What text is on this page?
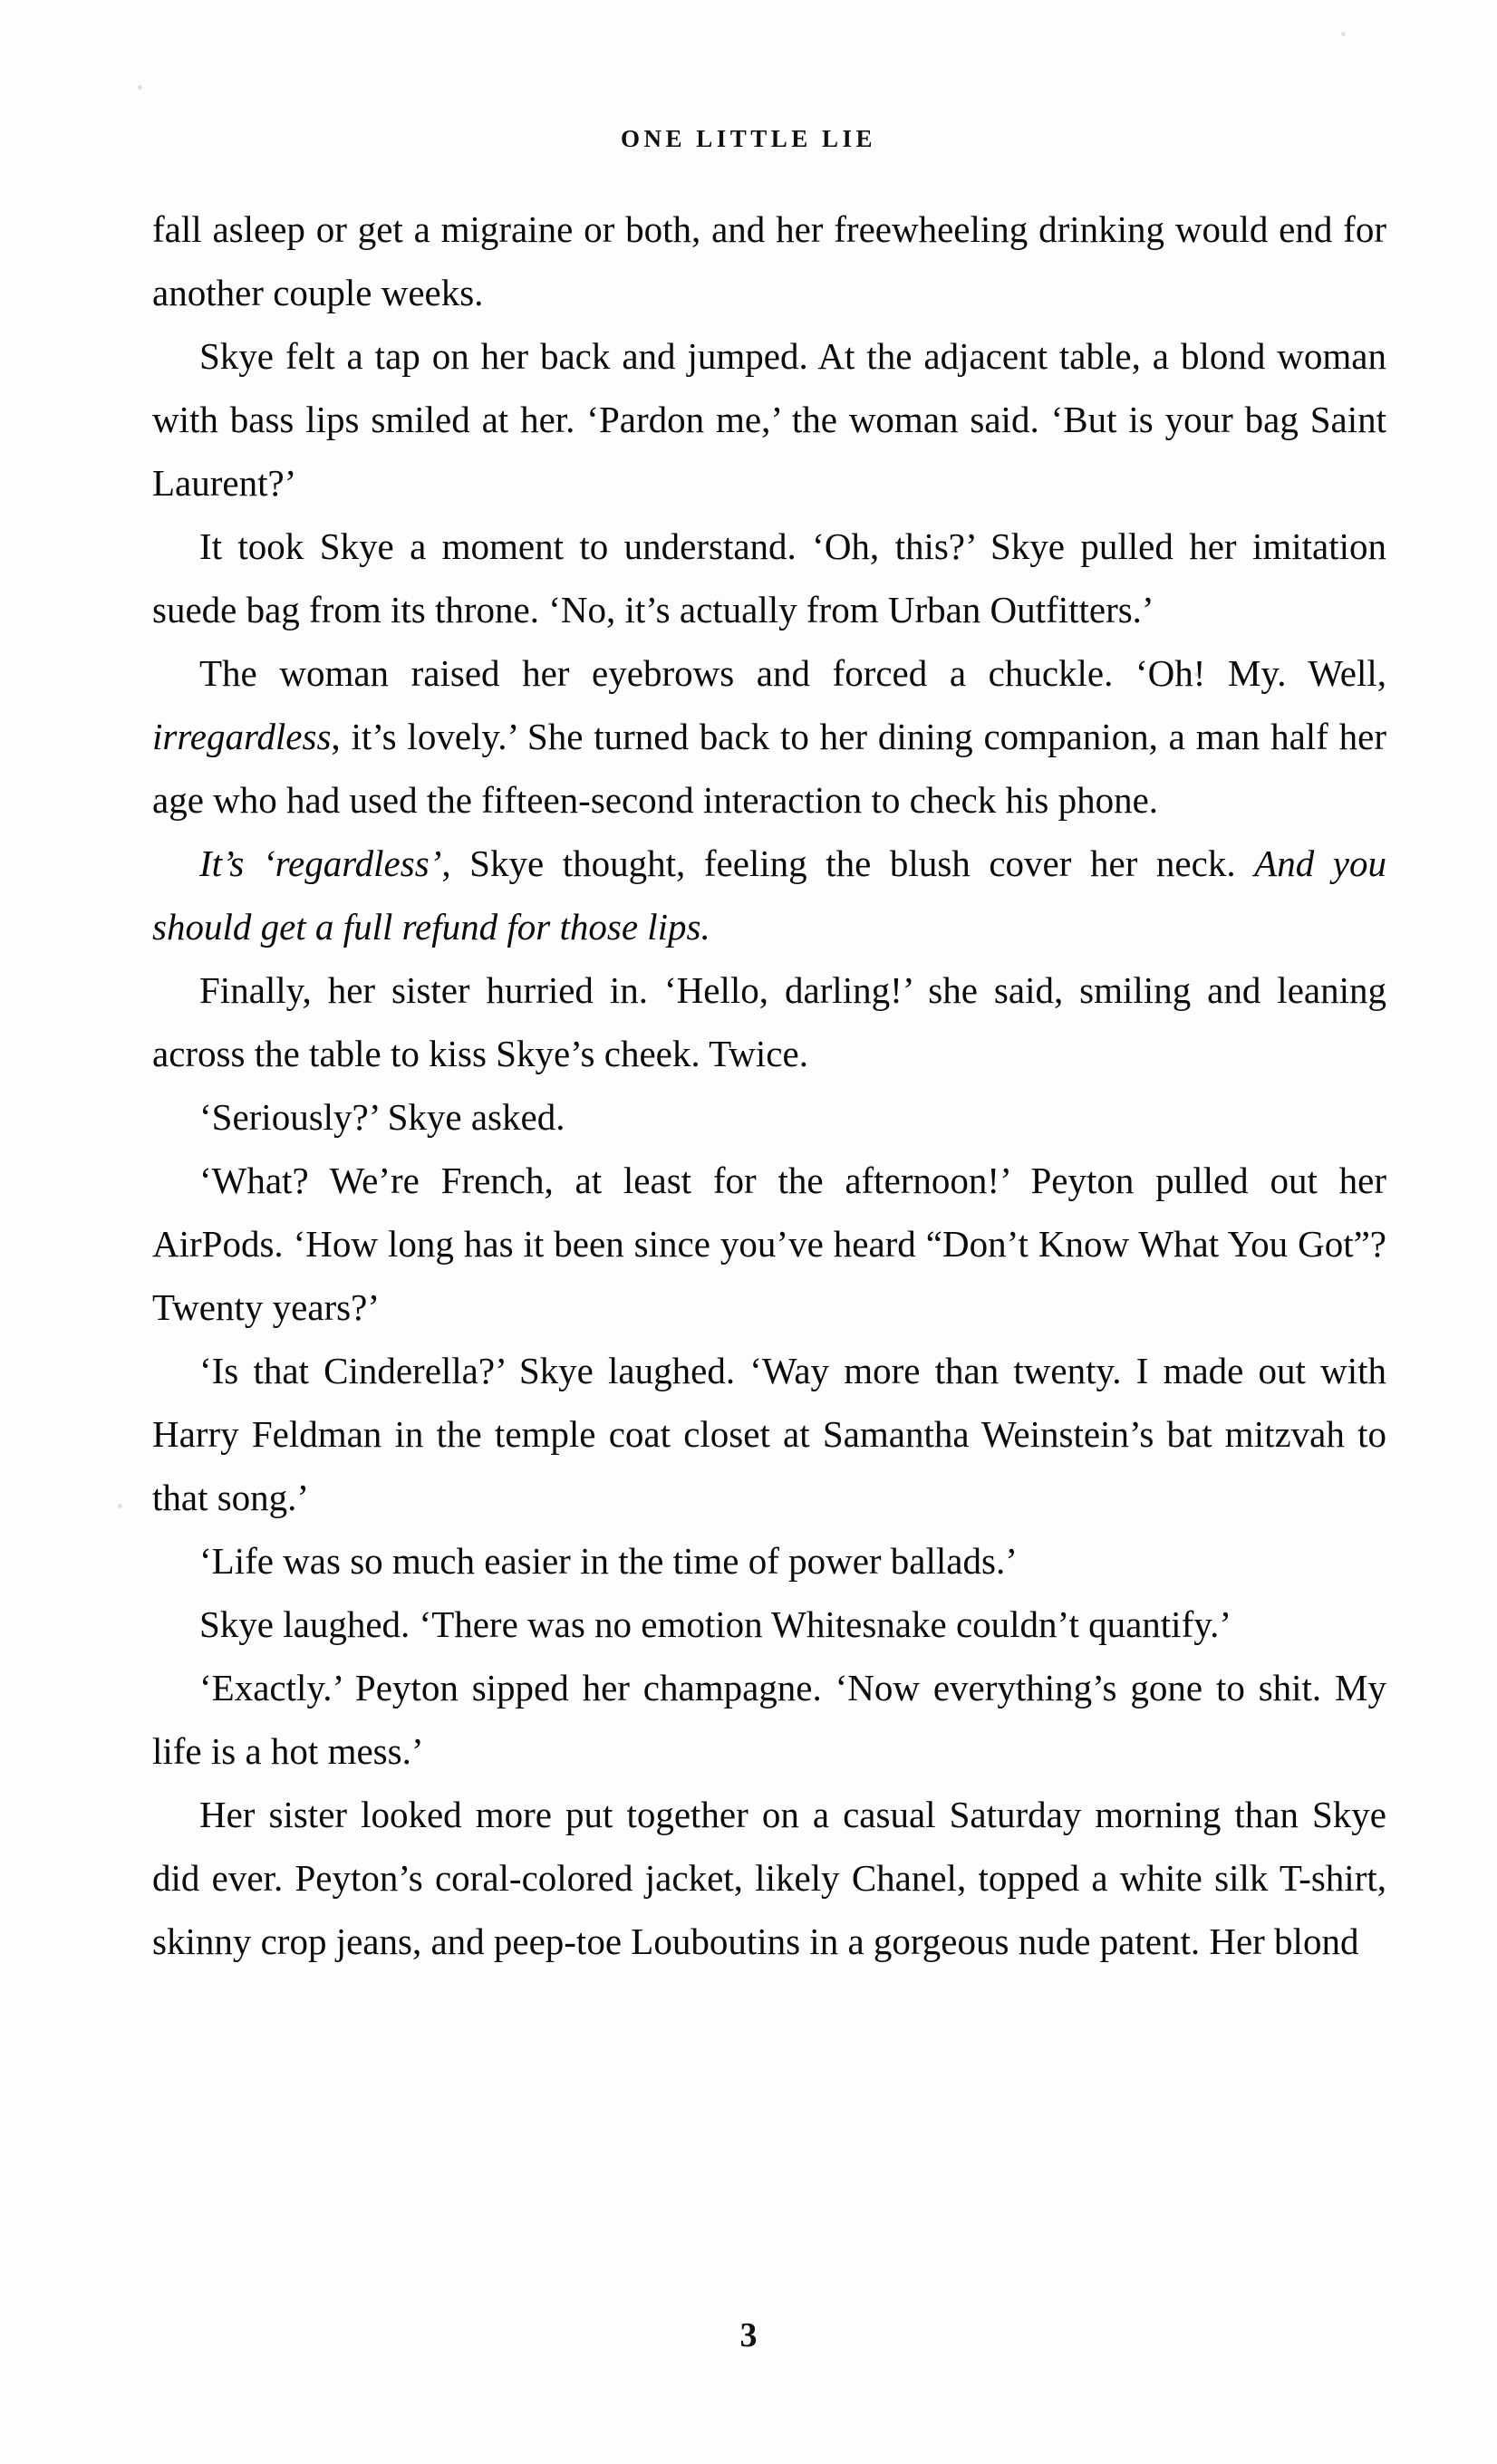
ONE LITTLE LIE

fall asleep or get a migraine or both, and her freewheeling drinking would end for another couple weeks.

Skye felt a tap on her back and jumped. At the adjacent table, a blond woman with bass lips smiled at her. ‘Pardon me,’ the woman said. ‘But is your bag Saint Laurent?’

It took Skye a moment to understand. ‘Oh, this?’ Skye pulled her imitation suede bag from its throne. ‘No, it’s actually from Urban Outfitters.’

The woman raised her eyebrows and forced a chuckle. ‘Oh! My. Well, irregardless, it’s lovely.’ She turned back to her dining companion, a man half her age who had used the fifteen-second interaction to check his phone.

It’s ‘regardless’, Skye thought, feeling the blush cover her neck. And you should get a full refund for those lips.

Finally, her sister hurried in. ‘Hello, darling!’ she said, smiling and leaning across the table to kiss Skye’s cheek. Twice.

‘Seriously?’ Skye asked.

‘What? We’re French, at least for the afternoon!’ Peyton pulled out her AirPods. ‘How long has it been since you’ve heard “Don’t Know What You Got”? Twenty years?’

‘Is that Cinderella?’ Skye laughed. ‘Way more than twenty. I made out with Harry Feldman in the temple coat closet at Samantha Weinstein’s bat mitzvah to that song.’

‘Life was so much easier in the time of power ballads.’

Skye laughed. ‘There was no emotion Whitesnake couldn’t quantify.’

‘Exactly.’ Peyton sipped her champagne. ‘Now everything’s gone to shit. My life is a hot mess.’

Her sister looked more put together on a casual Saturday morning than Skye did ever. Peyton’s coral-colored jacket, likely Chanel, topped a white silk T-shirt, skinny crop jeans, and peep-toe Louboutins in a gorgeous nude patent. Her blond

3
